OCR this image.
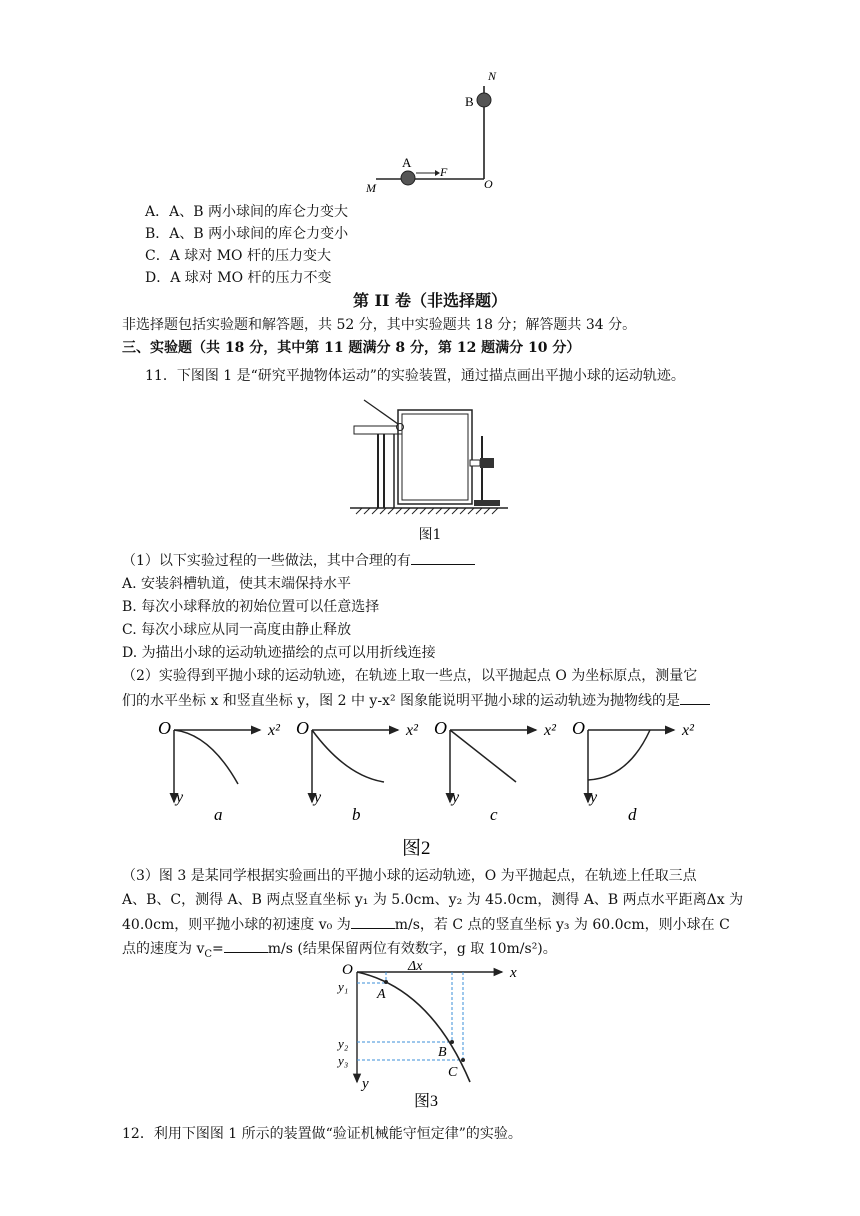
N
B
A
F
M	O
A．A、B 两小球间的库仑力变大
B．A、B 两小球间的库仑力变小
C．A 球对 MO 杆的压力变大
D．A 球对 MO 杆的压力不变
第 II 卷（非选择题）
非选择题包括实验题和解答题，共 52 分，其中实验题共 18 分；解答题共 34 分。
三、实验题（共 18 分，其中第 11 题满分 8 分，第 12 题满分 10 分）
11．下图图 1 是“研究平抛物体运动”的实验装置，通过描点画出平抛小球的运动轨迹。
图1
（1）以下实验过程的一些做法，其中合理的有
A. 安装斜槽轨道，使其末端保持水平
B. 每次小球释放的初始位置可以任意选择
C. 每次小球应从同一高度由静止释放
D. 为描出小球的运动轨迹描绘的点可以用折线连接
（2）实验得到平抛小球的运动轨迹，在轨迹上取一些点，以平抛起点 O 为坐标原点，测量它
们的水平坐标 x 和竖直坐标 y，图 2 中 y-x² 图象能说明平抛小球的运动轨迹为抛物线的是
O	x²
y
a
O	x²
y
b
O	x²
y
c
O	x²
y
d
图2
（3）图 3 是某同学根据实验画出的平抛小球的运动轨迹，O 为平抛起点，在轨迹上任取三点
A、B、C，测得 A、B 两点竖直坐标 y₁ 为 5.0cm、y₂ 为 45.0cm，测得 A、B 两点水平距离Δx 为
40.0cm，则平抛小球的初速度 v₀ 为	m/s，若 C 点的竖直坐标 y₃ 为 60.0cm，则小球在 C
点的速度为 $v_C=$	m/s (结果保留两位有效数字，g 取 10m/s²)。
O	Δx	x
y
y₁
y₂
y₃
A
B
C
图3
12．利用下图图 1 所示的装置做“验证机械能守恒定律”的实验。
